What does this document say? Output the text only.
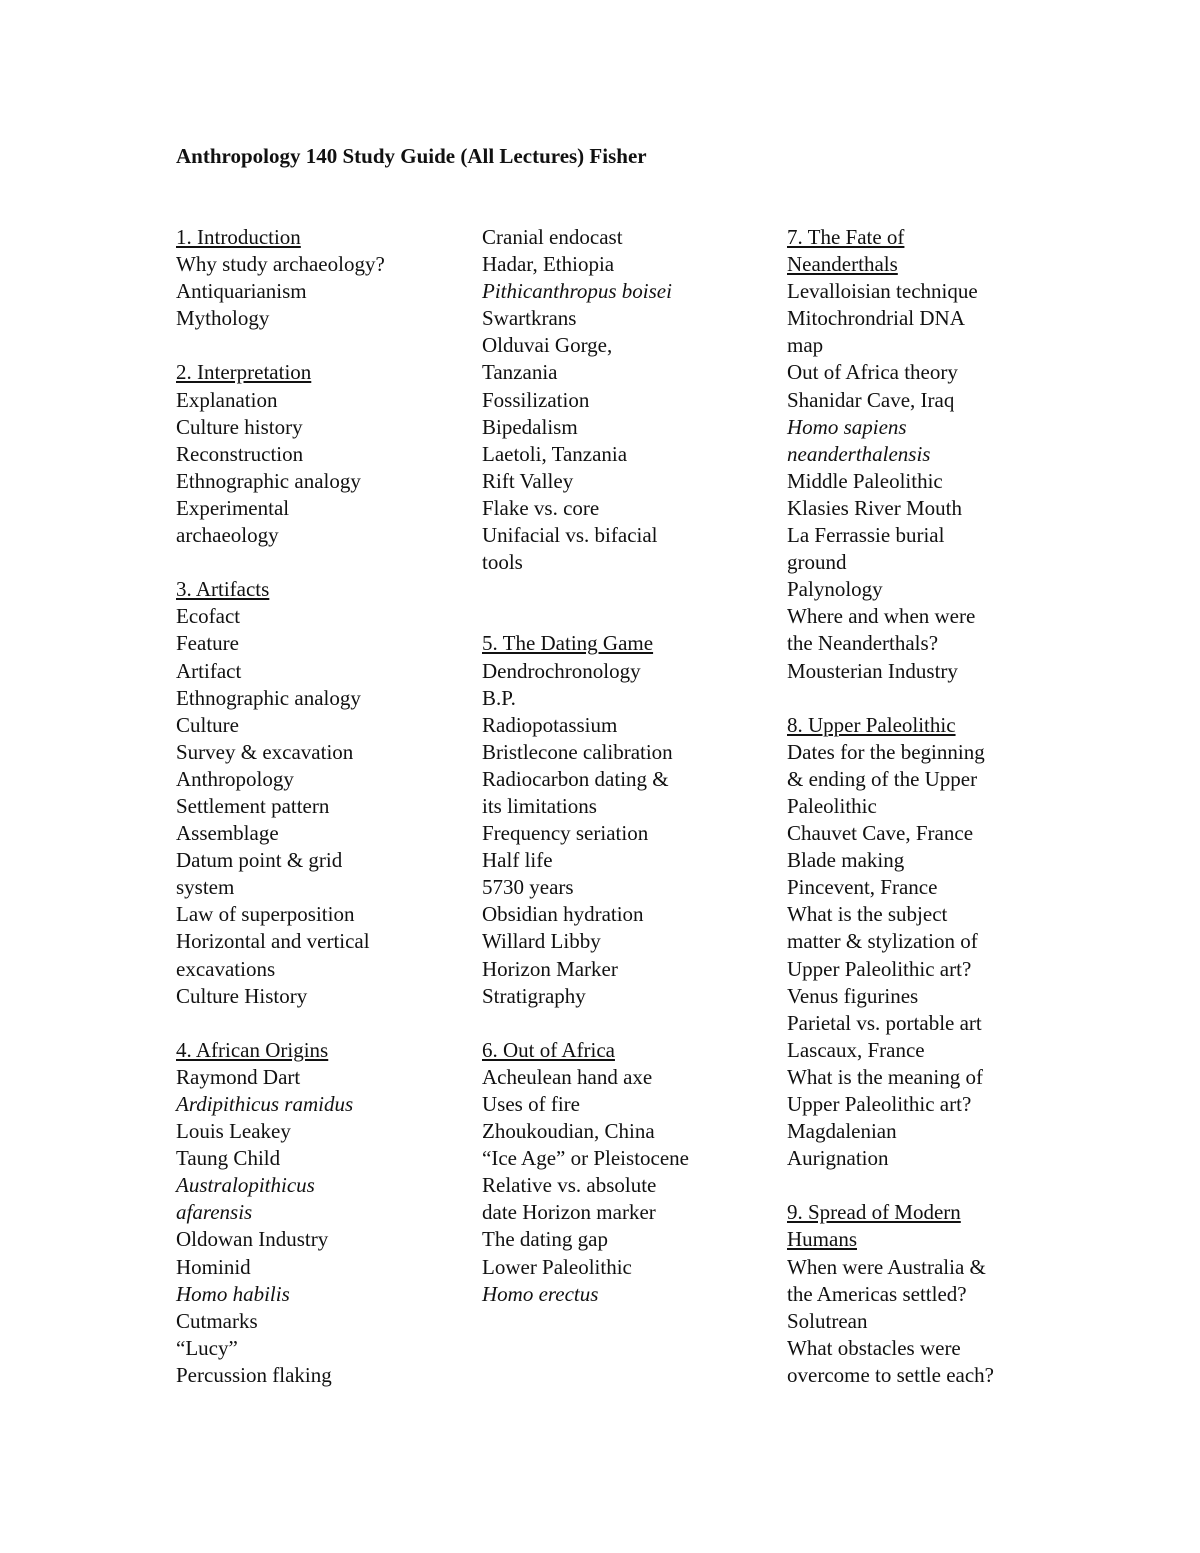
Anthropology 140 Study Guide (All Lectures) Fisher
1. Introduction
Why study archaeology?
Antiquarianism
Mythology
2. Interpretation
Explanation
Culture history
Reconstruction
Ethnographic analogy
Experimental
archaeology
3. Artifacts
Ecofact
Feature
Artifact
Ethnographic analogy
Culture
Survey & excavation
Anthropology
Settlement pattern
Assemblage
Datum point & grid
system
Law of superposition
Horizontal and vertical
excavations
Culture History
4. African Origins
Raymond Dart
Ardipithicus ramidus
Louis Leakey
Taung Child
Australopithicus
afarensis
Oldowan Industry
Hominid
Homo habilis
Cutmarks
“Lucy”
Percussion flaking
Cranial endocast
Hadar, Ethiopia
Pithicanthropus boisei
Swartkrans
Olduvai Gorge,
Tanzania
Fossilization
Bipedalism
Laetoli, Tanzania
Rift Valley
Flake vs. core
Unifacial vs. bifacial
tools
5. The Dating Game
Dendrochronology
B.P.
Radiopotassium
Bristlecone calibration
Radiocarbon dating &
its limitations
Frequency seriation
Half life
5730 years
Obsidian hydration
Willard Libby
Horizon Marker
Stratigraphy
6. Out of Africa
Acheulean hand axe
Uses of fire
Zhoukoudian, China
“Ice Age” or Pleistocene
Relative vs. absolute
date Horizon marker
The dating gap
Lower Paleolithic
Homo erectus
7. The Fate of
Neanderthals
Levalloisian technique
Mitochrondrial DNA
map
Out of Africa theory
Shanidar Cave, Iraq
Homo sapiens
neanderthalensis
Middle Paleolithic
Klasies River Mouth
La Ferrassie burial
ground
Palynology
Where and when were
the Neanderthals?
Mousterian Industry
8. Upper Paleolithic
Dates for the beginning
& ending of the Upper
Paleolithic
Chauvet Cave, France
Blade making
Pincevent, France
What is the subject
matter & stylization of
Upper Paleolithic art?
Venus figurines
Parietal vs. portable art
Lascaux, France
What is the meaning of
Upper Paleolithic art?
Magdalenian
Aurignation
9. Spread of Modern
Humans
When were Australia &
the Americas settled?
Solutrean
What obstacles were
overcome to settle each?
